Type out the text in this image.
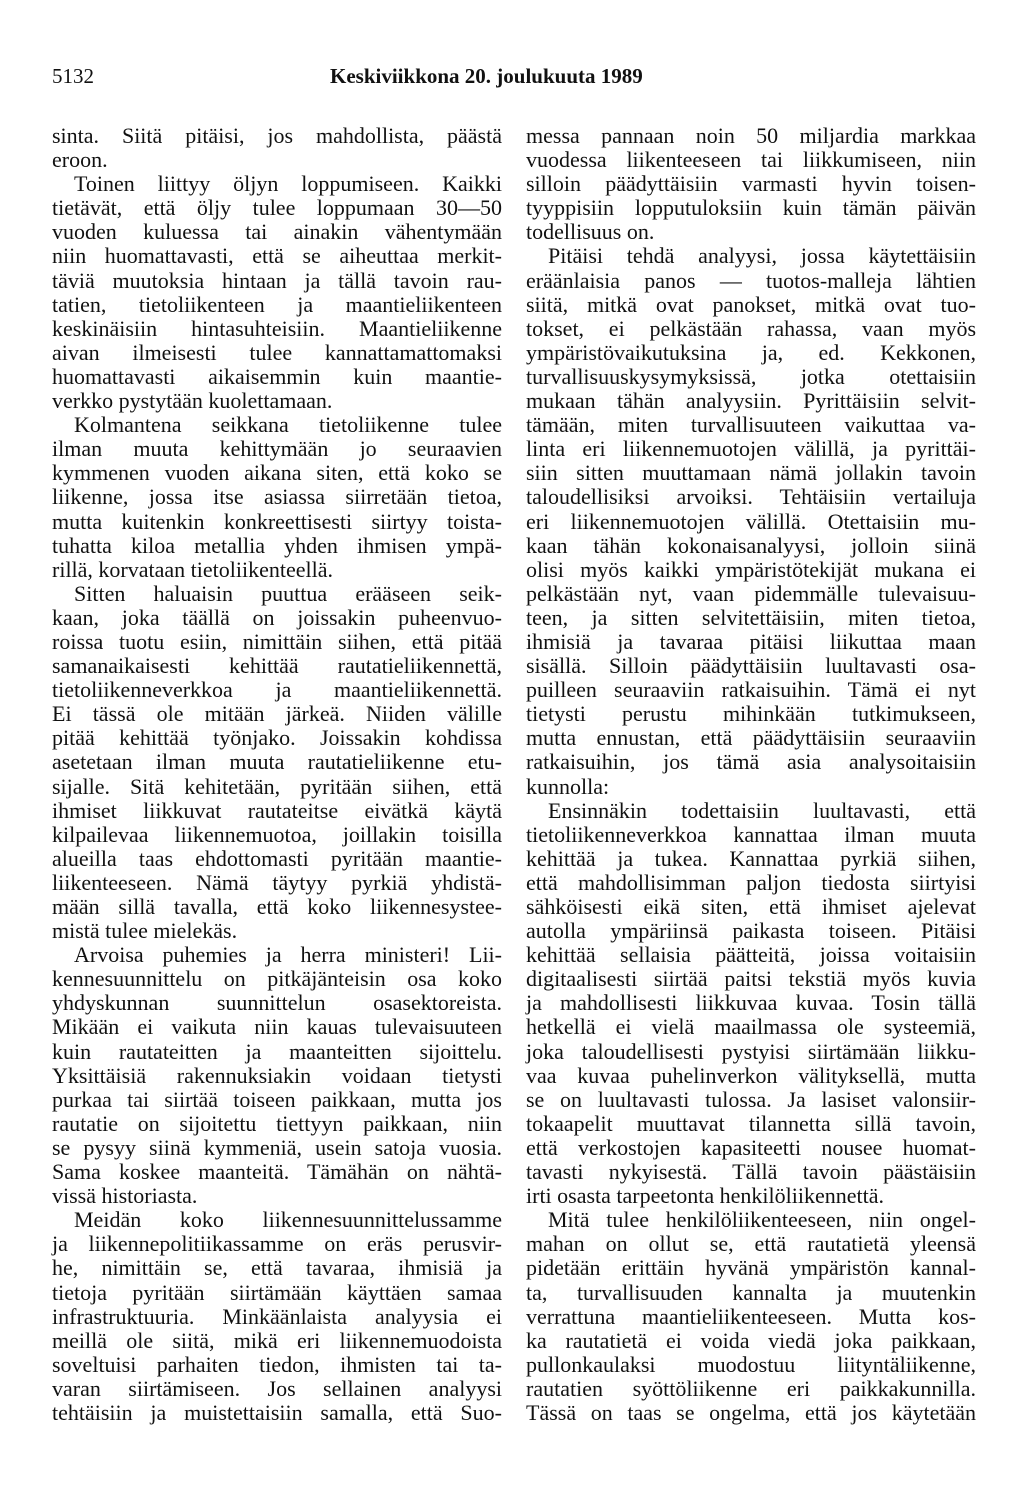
5132	Keskiviikkona 20. joulukuuta 1989
sinta. Siitä pitäisi, jos mahdollista, päästä
eroon.
Toinen liittyy öljyn loppumiseen. Kaikki
tietävät, että öljy tulee loppumaan 30—50
vuoden kuluessa tai ainakin vähentymään
niin huomattavasti, että se aiheuttaa merkit-
täviä muutoksia hintaan ja tällä tavoin rau-
tatien, tietoliikenteen ja maantieliikenteen
keskinäisiin hintasuhteisiin. Maantieliikenne
aivan ilmeisesti tulee kannattamattomaksi
huomattavasti aikaisemmin kuin maantie-
verkko pystytään kuolettamaan.
Kolmantena seikkana tietoliikenne tulee
ilman muuta kehittymään jo seuraavien
kymmenen vuoden aikana siten, että koko se
liikenne, jossa itse asiassa siirretään tietoa,
mutta kuitenkin konkreettisesti siirtyy toista-
tuhatta kiloa metallia yhden ihmisen ympä-
rillä, korvataan tietoliikenteellä.
Sitten haluaisin puuttua erääseen seik-
kaan, joka täällä on joissakin puheenvuo-
roissa tuotu esiin, nimittäin siihen, että pitää
samanaikaisesti kehittää rautatieliikennettä,
tietoliikenneverkkoa ja maantieliikennettä.
Ei tässä ole mitään järkeä. Niiden välille
pitää kehittää työnjako. Joissakin kohdissa
asetetaan ilman muuta rautatieliikenne etu-
sijalle. Sitä kehitetään, pyritään siihen, että
ihmiset liikkuvat rautateitse eivätkä käytä
kilpailevaa liikennemuotoa, joillakin toisilla
alueilla taas ehdottomasti pyritään maantie-
liikenteeseen. Nämä täytyy pyrkiä yhdistä-
mään sillä tavalla, että koko liikennesystee-
mistä tulee mielekäs.
Arvoisa puhemies ja herra ministeri! Lii-
kennesuunnittelu on pitkäjänteisin osa koko
yhdyskunnan suunnittelun osasektoreista.
Mikään ei vaikuta niin kauas tulevaisuuteen
kuin rautateitten ja maanteitten sijoittelu.
Yksittäisiä rakennuksiakin voidaan tietysti
purkaa tai siirtää toiseen paikkaan, mutta jos
rautatie on sijoitettu tiettyyn paikkaan, niin
se pysyy siinä kymmeniä, usein satoja vuosia.
Sama koskee maanteitä. Tämähän on nähtä-
vissä historiasta.
Meidän koko liikennesuunnittelussamme
ja liikennepolitiikassamme on eräs perusvir-
he, nimittäin se, että tavaraa, ihmisiä ja
tietoja pyritään siirtämään käyttäen samaa
infrastruktuuria. Minkäänlaista analyysia ei
meillä ole siitä, mikä eri liikennemuodoista
soveltuisi parhaiten tiedon, ihmisten tai ta-
varan siirtämiseen. Jos sellainen analyysi
tehtäisiin ja muistettaisiin samalla, että Suo-
messa pannaan noin 50 miljardia markkaa
vuodessa liikenteeseen tai liikkumiseen, niin
silloin päädyttäisiin varmasti hyvin toisen-
tyyppisiin lopputuloksiin kuin tämän päivän
todellisuus on.
Pitäisi tehdä analyysi, jossa käytettäisiin
eräänlaisia panos — tuotos-malleja lähtien
siitä, mitkä ovat panokset, mitkä ovat tuo-
tokset, ei pelkästään rahassa, vaan myös
ympäristövaikutuksina ja, ed. Kekkonen,
turvallisuuskysymyksissä, jotka otettaisiin
mukaan tähän analyysiin. Pyrittäisiin selvit-
tämään, miten turvallisuuteen vaikuttaa va-
linta eri liikennemuotojen välillä, ja pyrittäi-
siin sitten muuttamaan nämä jollakin tavoin
taloudellisiksi arvoiksi. Tehtäisiin vertailuja
eri liikennemuotojen välillä. Otettaisiin mu-
kaan tähän kokonaisanalyysi, jolloin siinä
olisi myös kaikki ympäristötekijät mukana ei
pelkästään nyt, vaan pidemmälle tulevaisuu-
teen, ja sitten selvitettäisiin, miten tietoa,
ihmisiä ja tavaraa pitäisi liikuttaa maan
sisällä. Silloin päädyttäisiin luultavasti osa-
puilleen seuraaviin ratkaisuihin. Tämä ei nyt
tietysti perustu mihinkään tutkimukseen,
mutta ennustan, että päädyttäisiin seuraaviin
ratkaisuihin, jos tämä asia analysoitaisiin
kunnolla:
Ensinnäkin todettaisiin luultavasti, että
tietoliikenneverkkoa kannattaa ilman muuta
kehittää ja tukea. Kannattaa pyrkiä siihen,
että mahdollisimman paljon tiedosta siirtyisi
sähköisesti eikä siten, että ihmiset ajelevat
autolla ympäriinsä paikasta toiseen. Pitäisi
kehittää sellaisia päätteitä, joissa voitaisiin
digitaalisesti siirtää paitsi tekstiä myös kuvia
ja mahdollisesti liikkuvaa kuvaa. Tosin tällä
hetkellä ei vielä maailmassa ole systeemiä,
joka taloudellisesti pystyisi siirtämään liikku-
vaa kuvaa puhelinverkon välityksellä, mutta
se on luultavasti tulossa. Ja lasiset valonsiir-
tokaapelit muuttavat tilannetta sillä tavoin,
että verkostojen kapasiteetti nousee huomat-
tavasti nykyisestä. Tällä tavoin päästäisiin
irti osasta tarpeetonta henkilöliikennettä.
Mitä tulee henkilöliikenteeseen, niin ongel-
mahan on ollut se, että rautatietä yleensä
pidetään erittäin hyvänä ympäristön kannal-
ta, turvallisuuden kannalta ja muutenkin
verrattuna maantieliikenteeseen. Mutta kos-
ka rautatietä ei voida viedä joka paikkaan,
pullonkaulaksi muodostuu liityntäliikenne,
rautatien syöttöliikenne eri paikkakunnilla.
Tässä on taas se ongelma, että jos käytetään
